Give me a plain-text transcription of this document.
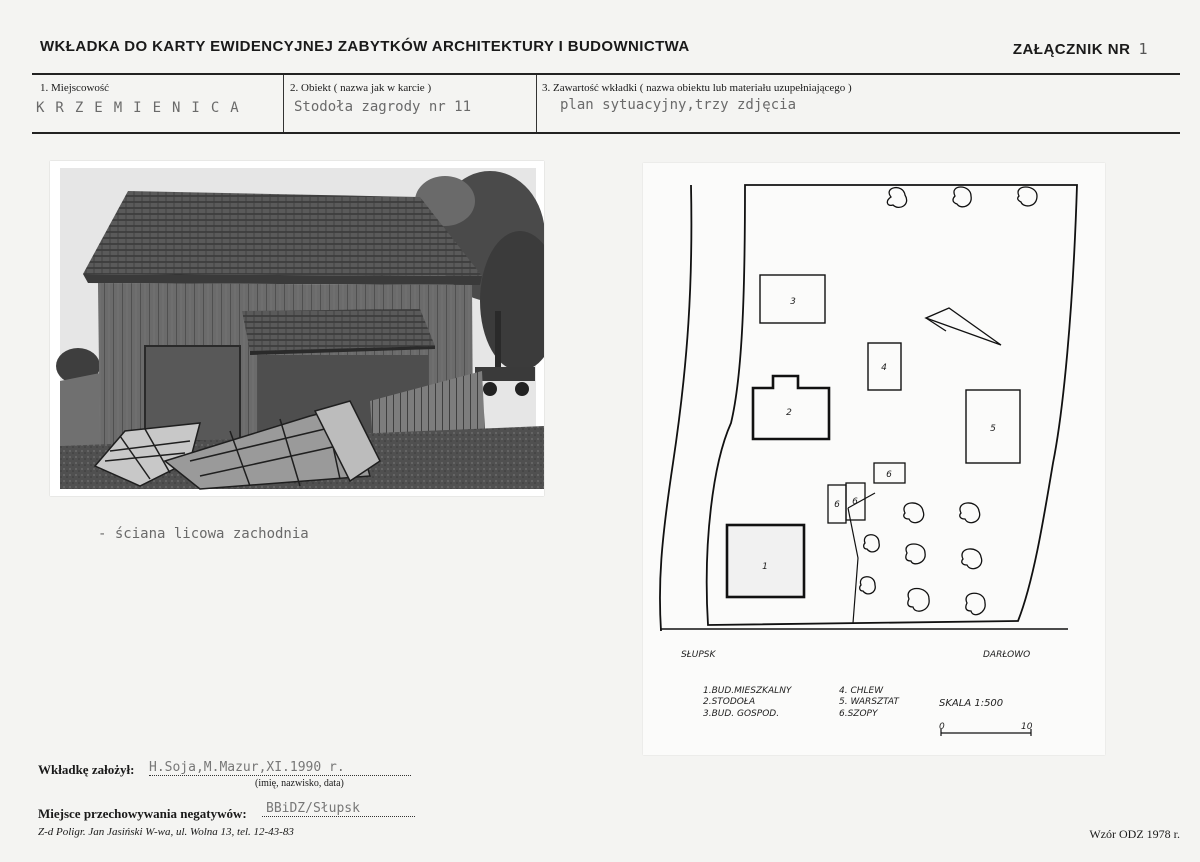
WKŁADKA DO KARTY EWIDENCYJNEJ ZABYTKÓW ARCHITEKTURY I BUDOWNICTWA	ZAŁĄCZNIK NR 1
1. Miejscowość
KRZEMIENICA
2. Obiekt ( nazwa jak w karcie )
Stodoła zagrody nr 11
3. Zawartość wkładki ( nazwa obiektu lub materiału uzupełniającego )
plan sytuacyjny,trzy zdjęcia
- ściana licowa zachodnia
3
4
2
5
6
6 6
1
SŁUPSK	DARŁOWO
1.BUD.MIESZKALNY
2.STODOŁA
3.BUD. GOSPOD.
4. CHLEW
5. WARSZTAT
6.SZOPY
SKALA 1:500
0	10
Wkładkę założył: H.Soja,M.Mazur,XI.1990 r.
(imię, nazwisko, data)
Miejsce przechowywania negatywów:	BBiDZ/Słupsk
Z-d Poligr. Jan Jasiński W-wa, ul. Wolna 13, tel. 12-43-83	Wzór ODZ 1978 r.
